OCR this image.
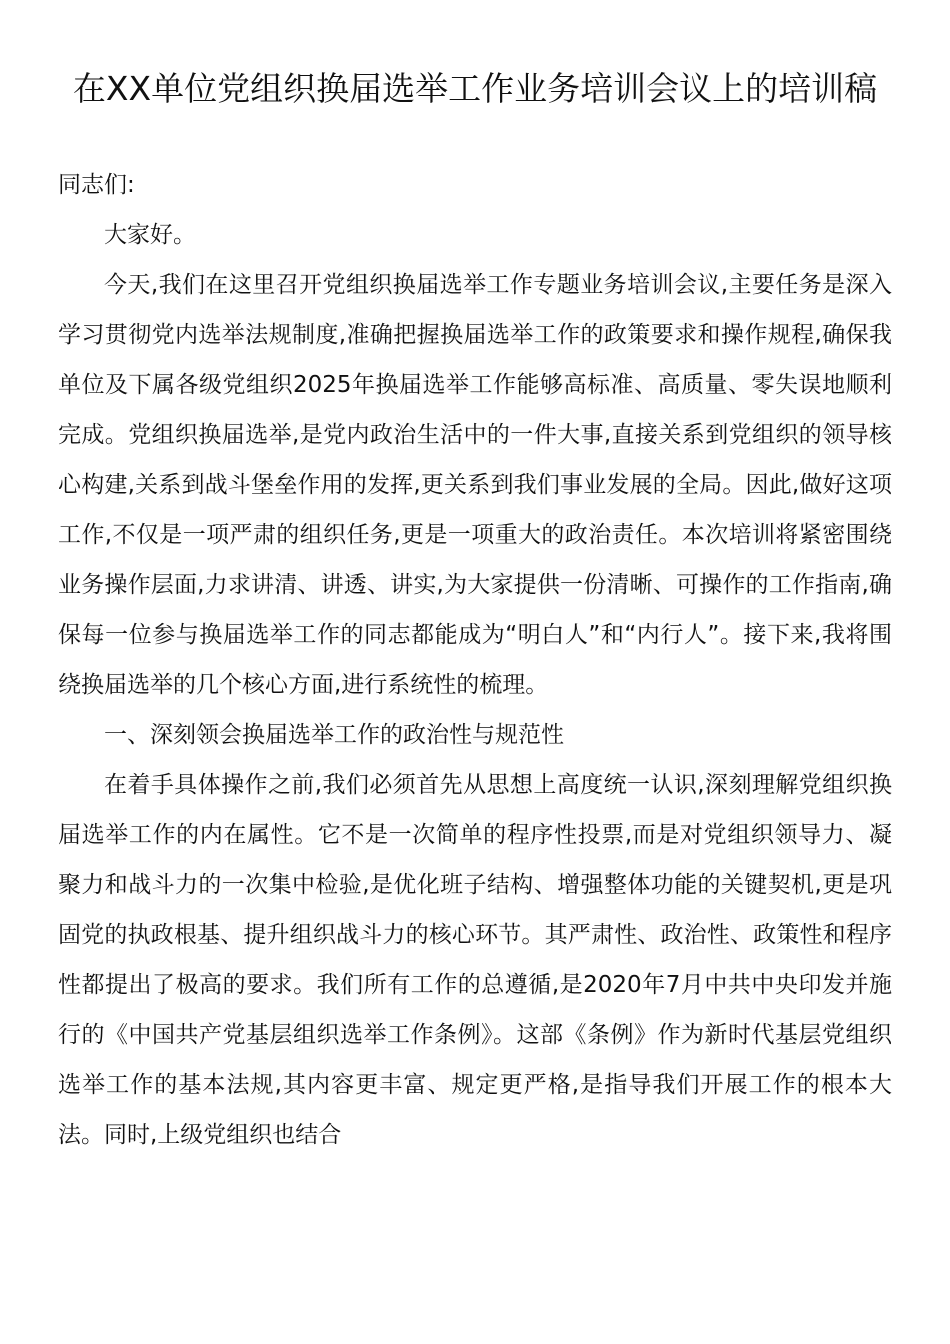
在XX单位党组织换届选举工作业务培训会议上的培训稿

同志们:

大家好。

今天,我们在这里召开党组织换届选举工作专题业务培训会议,主要任务是深入学习贯彻党内选举法规制度,准确把握换届选举工作的政策要求和操作规程,确保我单位及下属各级党组织2025年换届选举工作能够高标准、高质量、零失误地顺利完成。党组织换届选举,是党内政治生活中的一件大事,直接关系到党组织的领导核心构建,关系到战斗堡垒作用的发挥,更关系到我们事业发展的全局。因此,做好这项工作,不仅是一项严肃的组织任务,更是一项重大的政治责任。本次培训将紧密围绕业务操作层面,力求讲清、讲透、讲实,为大家提供一份清晰、可操作的工作指南,确保每一位参与换届选举工作的同志都能成为“明白人”和“内行人”。接下来,我将围绕换届选举的几个核心方面,进行系统性的梳理。

一、深刻领会换届选举工作的政治性与规范性

在着手具体操作之前,我们必须首先从思想上高度统一认识,深刻理解党组织换届选举工作的内在属性。它不是一次简单的程序性投票,而是对党组织领导力、凝聚力和战斗力的一次集中检验,是优化班子结构、增强整体功能的关键契机,更是巩固党的执政根基、提升组织战斗力的核心环节。其严肃性、政治性、政策性和程序性都提出了极高的要求。我们所有工作的总遵循,是2020年7月中共中央印发并施行的《中国共产党基层组织选举工作条例》。这部《条例》作为新时代基层党组织选举工作的基本法规,其内容更丰富、规定更严格,是指导我们开展工作的根本大法。同时,上级党组织也结合
